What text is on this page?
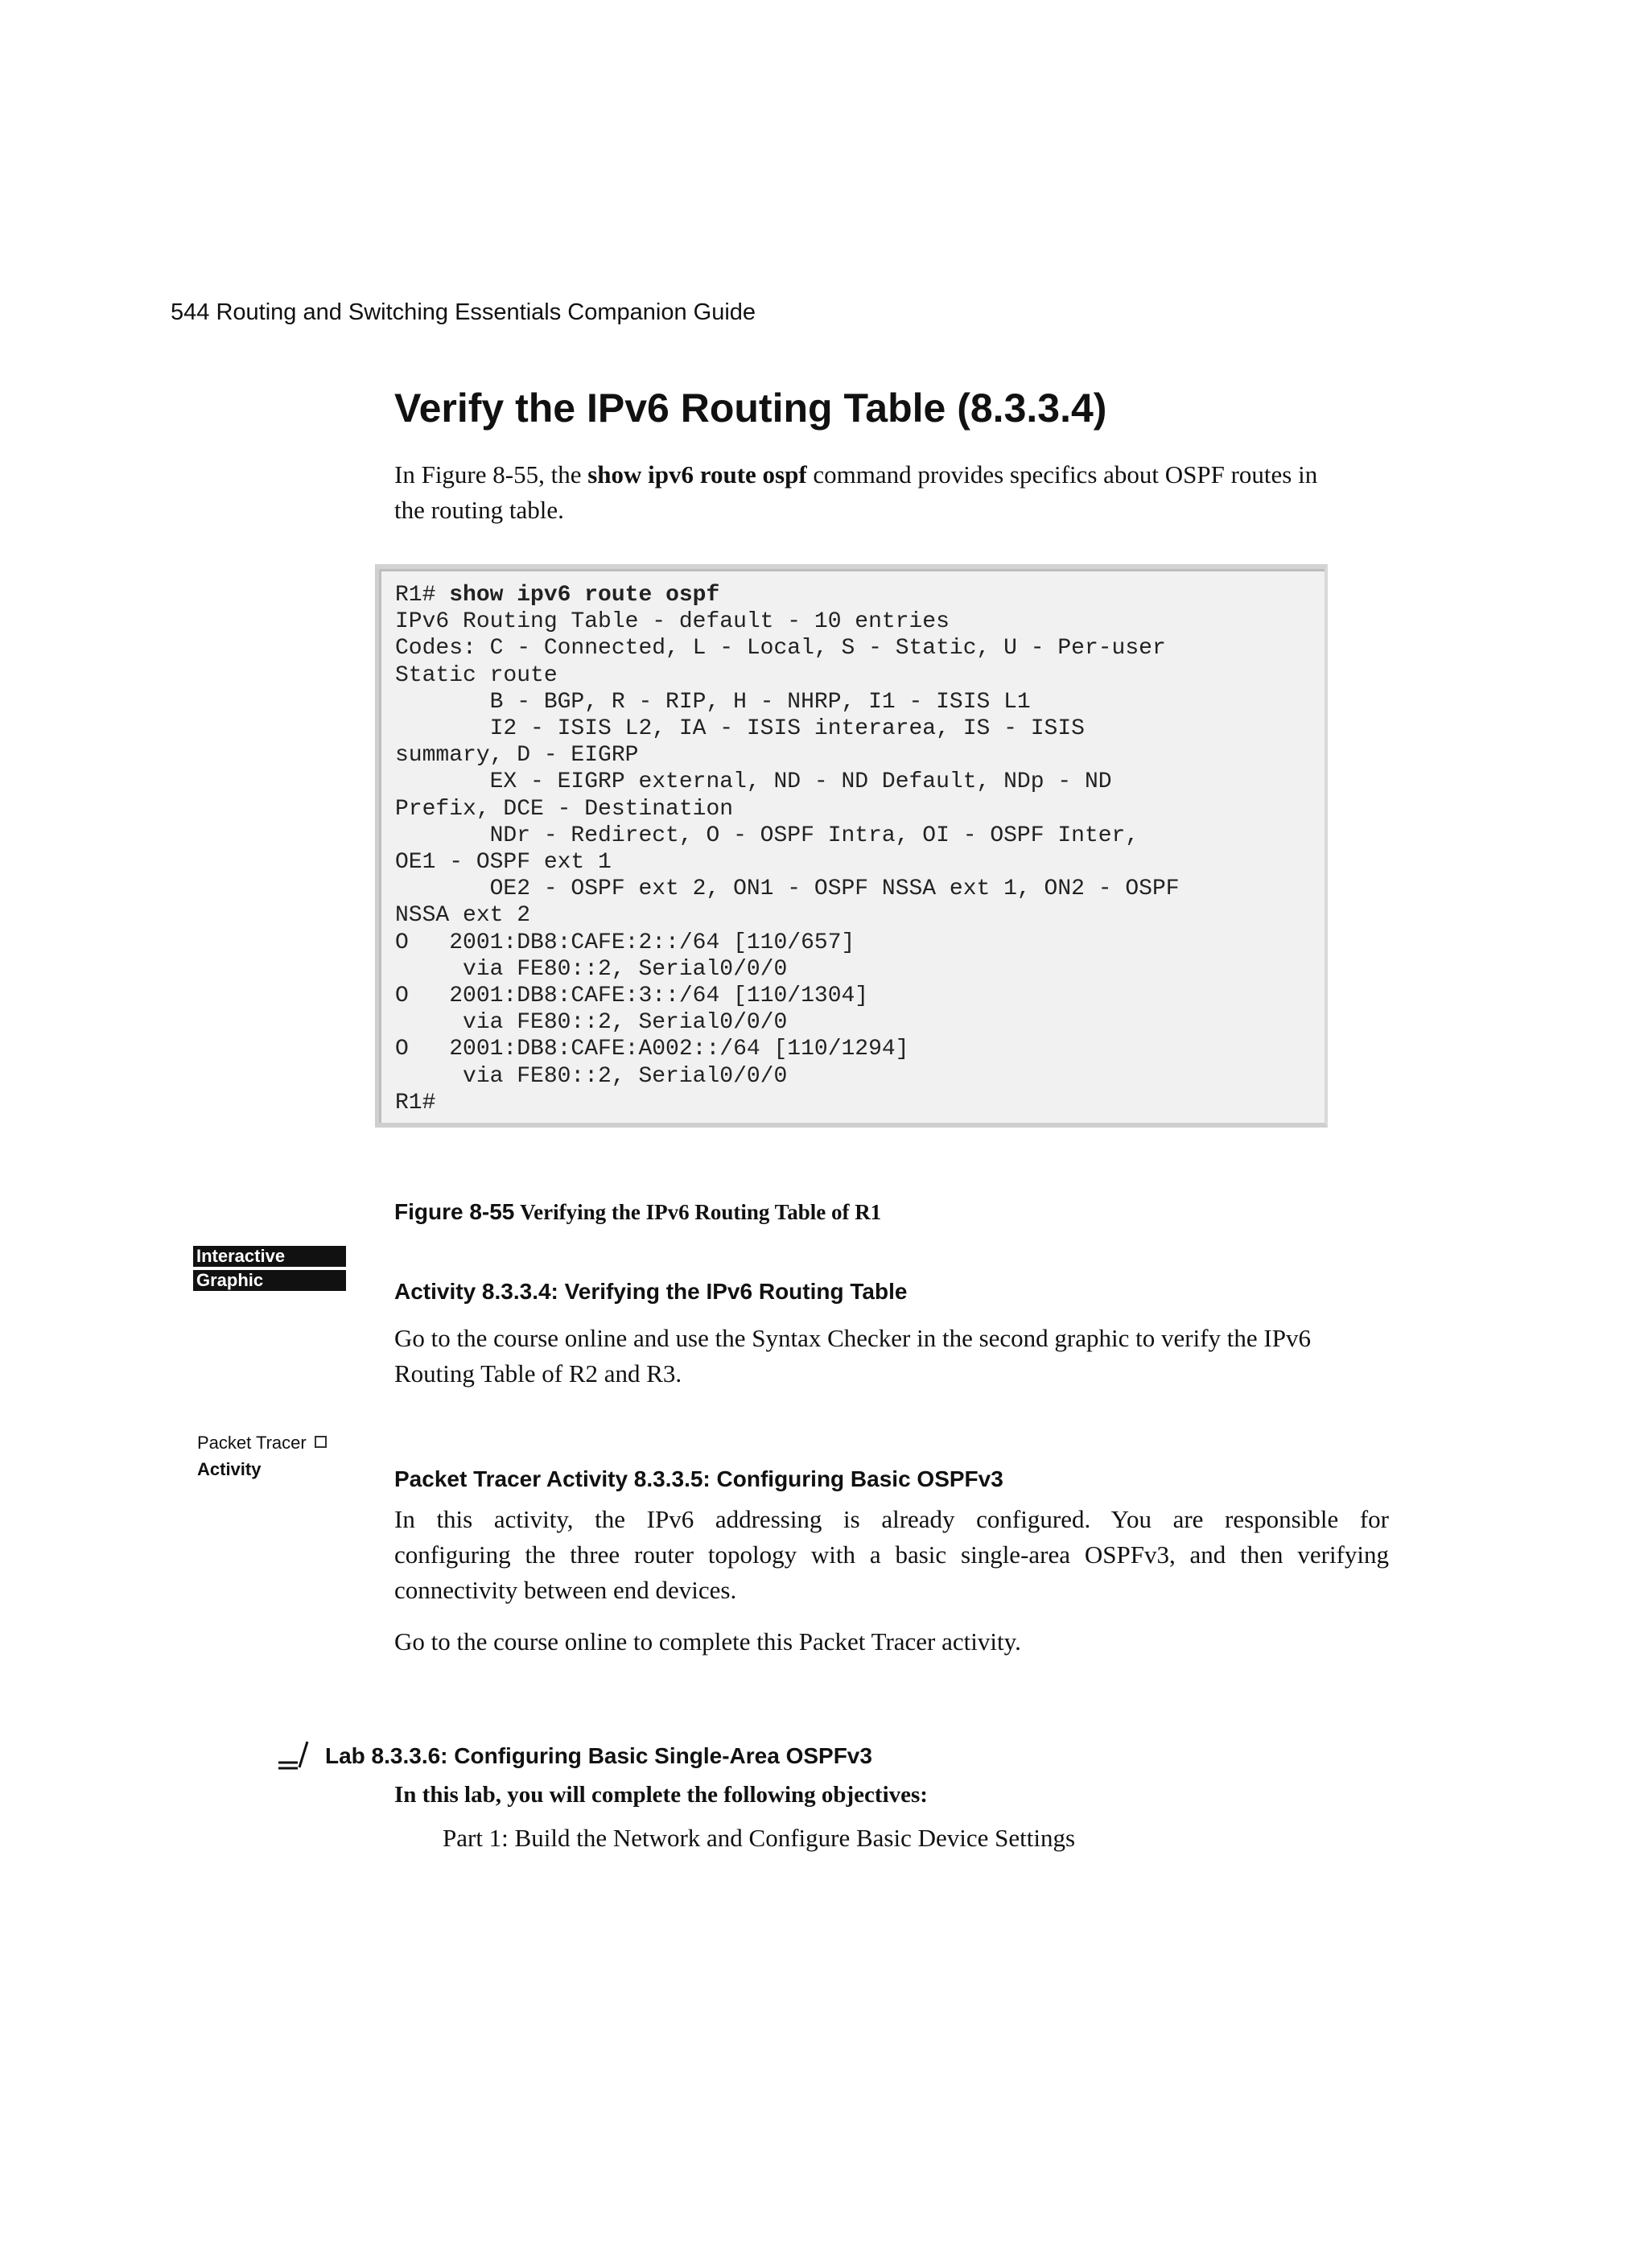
544 Routing and Switching Essentials Companion Guide
Verify the IPv6 Routing Table (8.3.3.4)

In Figure 8-55, the show ipv6 route ospf command provides specifics about OSPF routes in

the routing table.

R1# show ipv6 route ospf
IPv6 Routing Table - default - 10 entries
Codes: C - Connected, L - Local, S - Static, U - Per-user
Static route
B - BGP, R - RIP, H - NHRP, I1 - ISIS L1
I2 - ISIS L2, IA - ISIS interarea, IS - ISIS
summary, D - EIGRP
EX - EIGRP external, ND - ND Default, NDp - ND
Prefix, DCE - Destination
NDr - Redirect, O - OSPF Intra, OI - OSPF Inter,
OE1 - OSPF ext 1
OE2 - OSPF ext 2, ON1 - OSPF NSSA ext 1, ON2 - OSPF
NSSA ext 2
O   2001:DB8:CAFE:2::/64 [110/657]
via FE80::2, Serial0/0/0
O   2001:DB8:CAFE:3::/64 [110/1304]
via FE80::2, Serial0/0/0
O   2001:DB8:CAFE:A002::/64 [110/1294]
via FE80::2, Serial0/0/0
R1#

Figure 8-55 Verifying the IPv6 Routing Table of R1

Interactive
Graphic	Activity 8.3.3.4: Verifying the IPv6 Routing Table

Go to the course online and use the Syntax Checker in the second graphic to verify the IPv6

Routing Table of R2 and R3.

Packet Tracer
Activity	Packet Tracer Activity 8.3.3.5: Configuring Basic OSPFv3

In this activity, the IPv6 addressing is already configured. You are responsible for

configuring the three router topology with a basic single-area OSPFv3, and then verifying

connectivity between end devices.

Go to the course online to complete this Packet Tracer activity.

Lab 8.3.3.6: Configuring Basic Single-Area OSPFv3

In this lab, you will complete the following objectives:

Part 1: Build the Network and Configure Basic Device Settings
